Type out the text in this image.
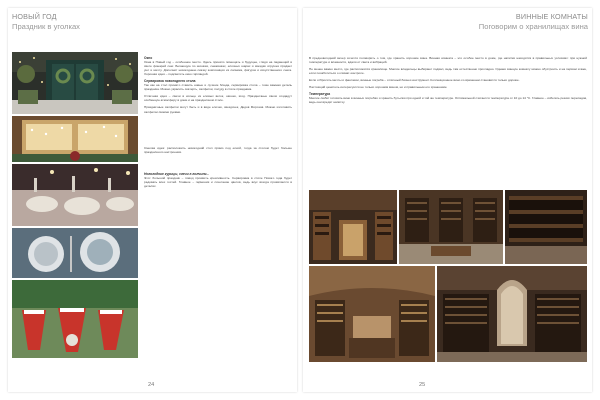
НОВЫЙ ГОД
Праздник в уголках

Окно
Окна в Новый год – особенное место. Здесь принято помещать и будущее, глядя на падающий в свете фонарей снег. Бегающую по шишках, снежинках, елочных шарах и звездах игрушек придает уют и мечту. Дополнит новогоднюю сказку композиция из лапника, фигурок и искусственного снега. Хорошая идея – подсветить окно гирляндой.

Сервировка новогоднего стола
Так как на стол принято ставить новые и лучшие блюда, сервировка стола – тоже важная деталь праздника. Можно украсить скатерть, салфетки, посуду в стиле праздника.

Отличная идея – свечи в кольце из еловых веток, шишек, ягод. Праздничные свечи создадут особенную атмосферу в доме и на праздничном столе.

Праздничные салфетки могут быть и в виде елочек, звездочек, Дедов Морозов. Можно изготовить салфетки своими руками.

Смелая идея: расположить новогодний стол прямо под елкой, тогда за столом будет больше праздничного настроения.

Новогодние курицы, свечи в волчьем...
Этот большой праздник – повод проявить креативность. Сервировка в стиле Нового года будет радовать всех гостей. Главное – гармония и сочетание цветов, ведь вкус всегда проявляется в деталях.

24
ВИННЫЕ КОМНАТЫ
Поговорим о хранилищах вина

В предновогодний вечер хочется поговорить о том, где хранить хорошие вина. Винная комната – это особое место в доме, где напитки находятся в правильных условиях: при нужной температуре и влажности, вдали от света и вибраций.

Не менее важно место, где расположится хранилище. Многие владельцы выбирают подвал, ведь там естественно прохладно. Однако винную комнату можно обустроить и на первом этаже, если позаботиться о климат-контроле.

Если отбросить мечты и фантазии, винные погреба – отличный бизнес-инструмент. Коллекционное вино со временем становится только дороже.

Настоящий ценитель интересуется не только хорошим вином, но и правильным его хранением.

Температура
Многие любят готовить вино в винных погребах и хранить бутылки при одной и той же температуре. Оптимальной считается температура от 10 до 14 °C. Главное – избегать резких перепадов, ведь они вредят напитку.

25
